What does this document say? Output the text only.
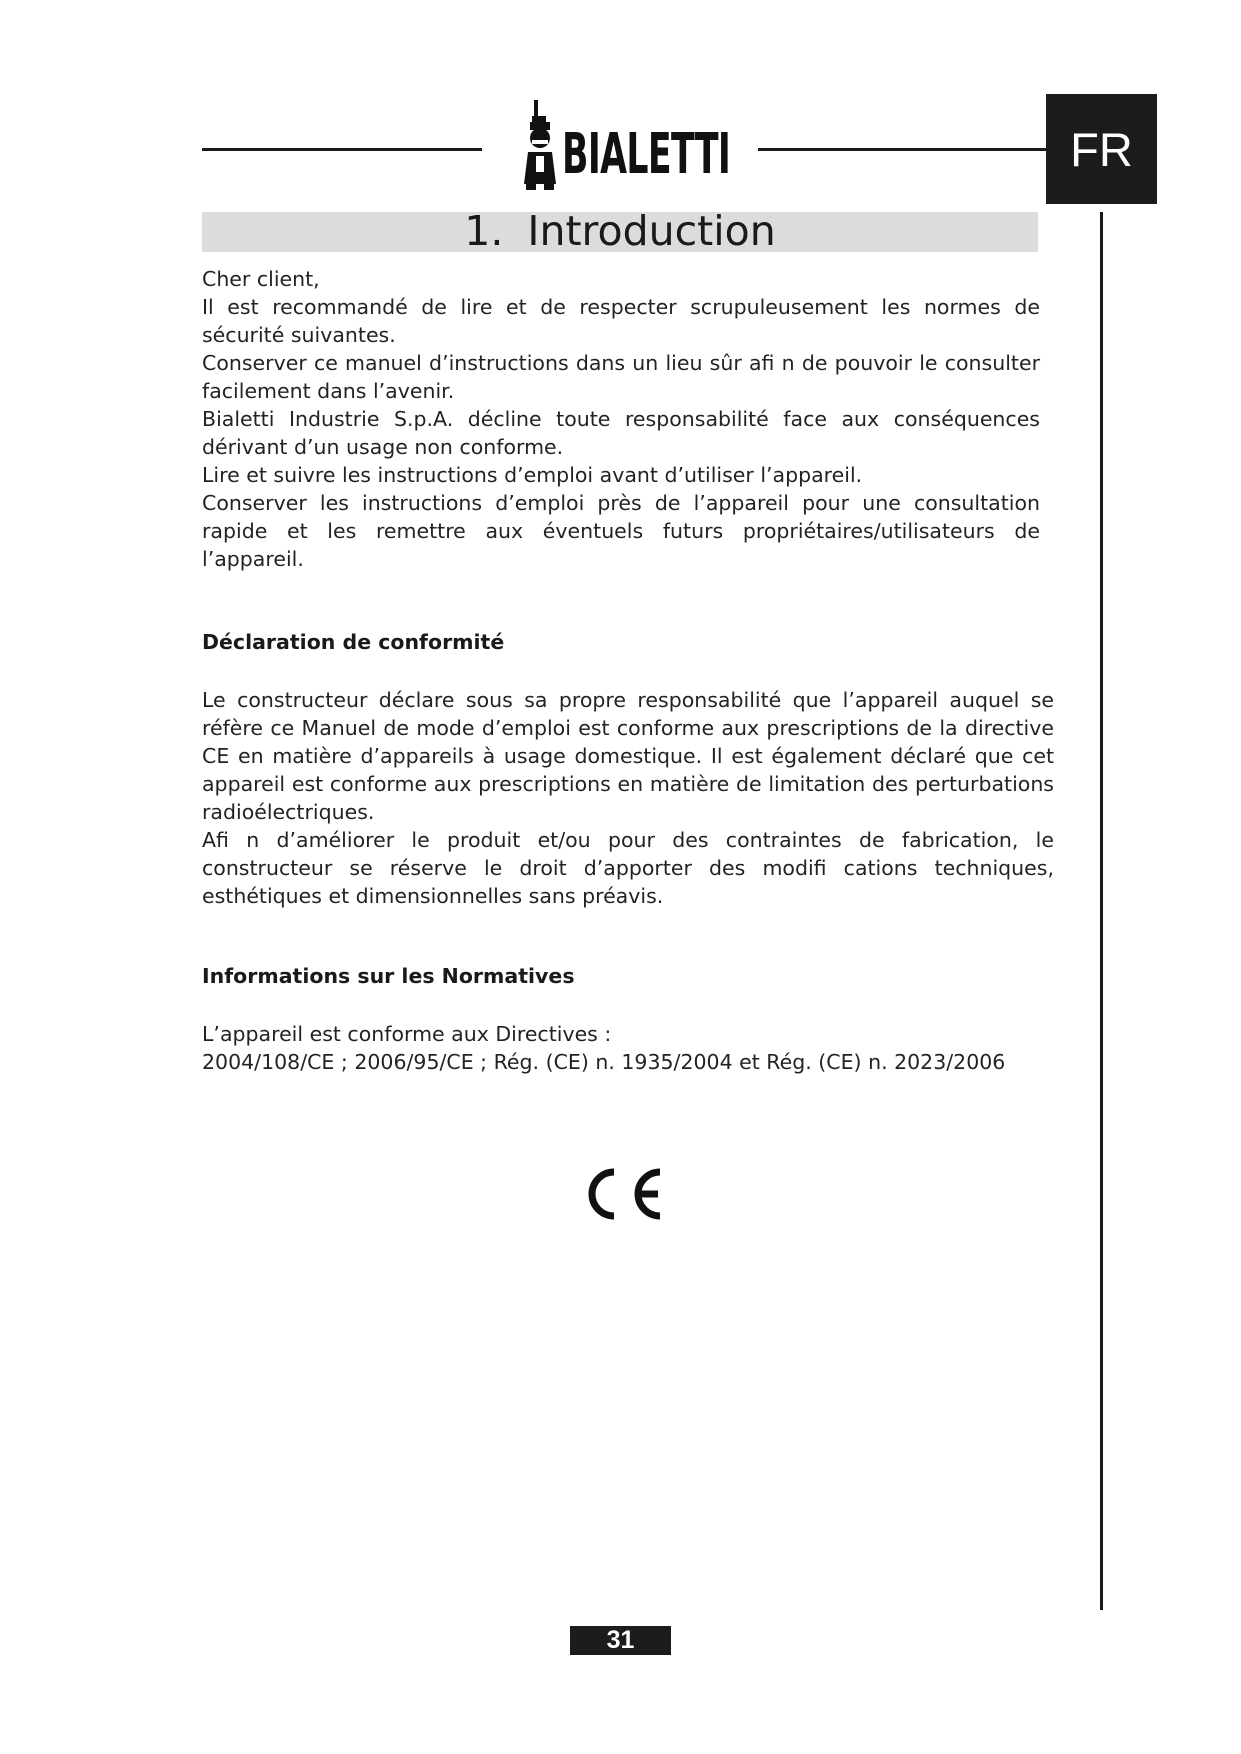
BIALETTI	FR
1. Introduction

Cher client,

Il est recommandé de lire et de respecter scrupuleusement les normes de sécurité suivantes.

Conserver ce manuel d’instructions dans un lieu sûr afi n de pouvoir le consulter facilement dans l’avenir.

Bialetti Industrie S.p.A. décline toute responsabilité face aux conséquences dérivant d’un usage non conforme.

Lire et suivre les instructions d’emploi avant d’utiliser l’appareil.

Conserver les instructions d’emploi près de l’appareil pour une consultation rapide et les remettre aux éventuels futurs propriétaires/utilisateurs de l’appareil.

Déclaration de conformité

Le constructeur déclare sous sa propre responsabilité que l’appareil auquel se réfère ce Manuel de mode d’emploi est conforme aux prescriptions de la directive CE en matière d’appareils à usage domestique. Il est également déclaré que cet appareil est conforme aux prescriptions en matière de limitation des perturbations radioélectriques.

Afi n d’améliorer le produit et/ou pour des contraintes de fabrication, le constructeur se réserve le droit d’apporter des modifi cations techniques, esthétiques et dimensionnelles sans préavis.

Informations sur les Normatives

L’appareil est conforme aux Directives :

2004/108/CE ; 2006/95/CE ; Rég. (CE) n. 1935/2004 et Rég. (CE) n. 2023/2006

31
